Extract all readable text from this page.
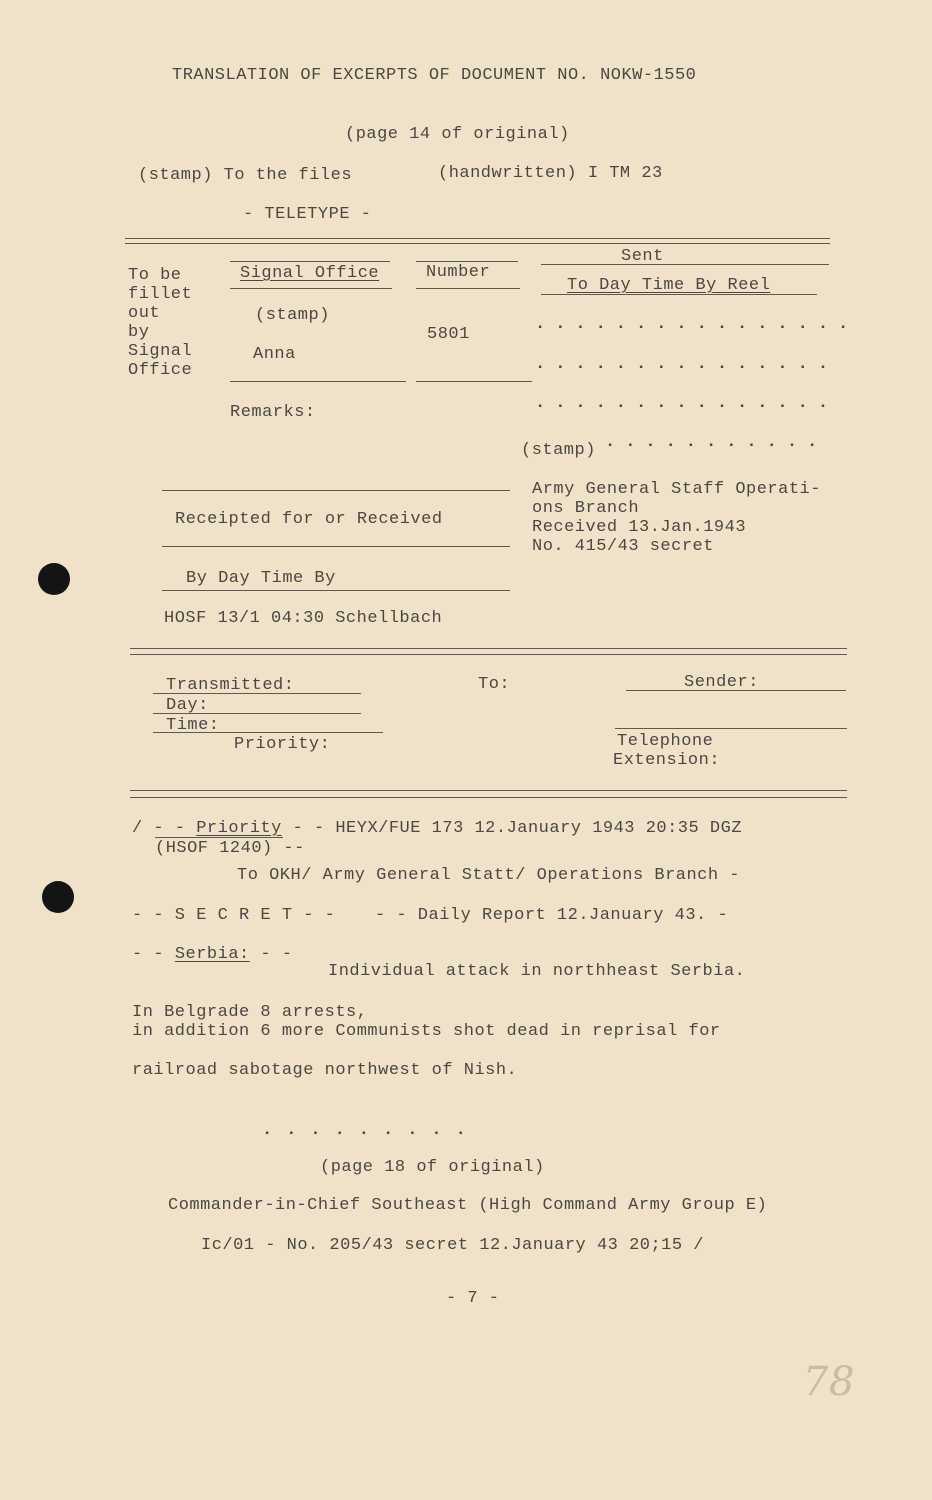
TRANSLATION OF EXCERPTS OF DOCUMENT NO. NOKW-1550
(page 14 of original)
(stamp) To the files	(handwritten) I TM 23
- TELETYPE -
To be
fillet
out
by
Signal
Office
Signal Office
(stamp)
Anna
Number
5801
Sent
To Day Time By Reel
................
...............
...............
(stamp) ...........
Remarks:
Receipted for or Received
By Day Time By
HOSF 13/1 04:30 Schellbach
Army General Staff Operati-
ons Branch
Received 13.Jan.1943
No. 415/43 secret
Transmitted:
Day:
Time:
Priority:
To:	Sender:
Telephone
Extension:
/ - - Priority - - HEYX/FUE 173 12.January 1943 20:35 DGZ
(HSOF 1240) --
To OKH/ Army General Statt/ Operations Branch -
- - S E C R E T - - - - Daily Report 12.January 43. -
- - Serbia: - -
Individual attack in northheast Serbia.
In Belgrade 8 arrests,
in addition 6 more Communists shot dead in reprisal for
railroad sabotage northwest of Nish.
.........
(page 18 of original)
Commander-in-Chief Southeast (High Command Army Group E)
Ic/01 - No. 205/43 secret 12.January 43 20;15 /
- 7 -
78
